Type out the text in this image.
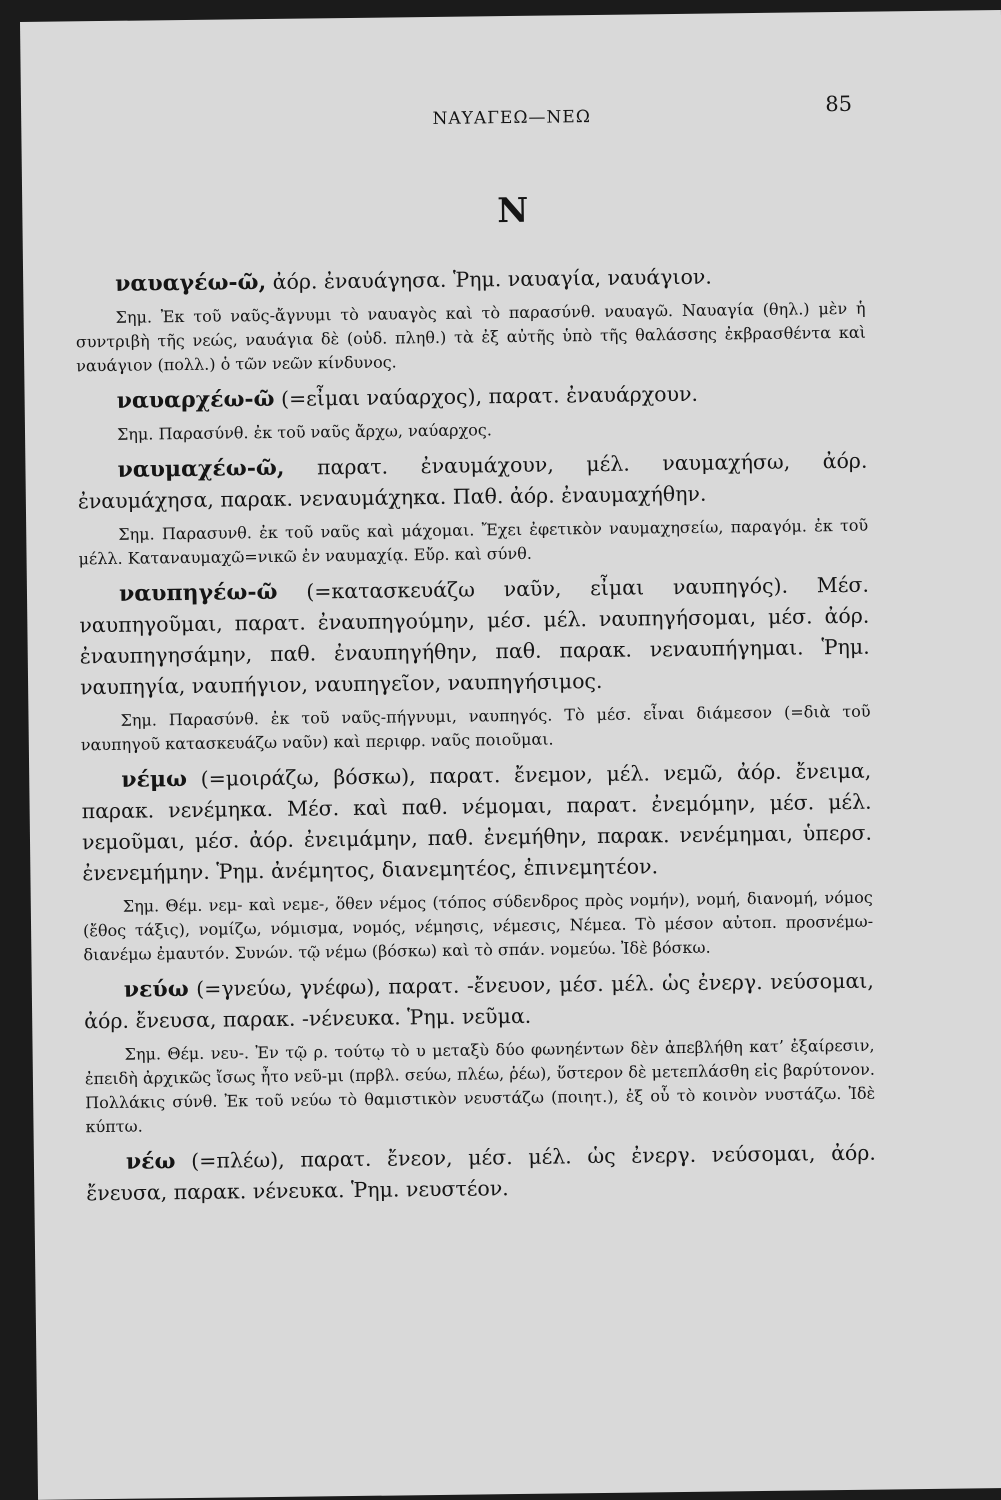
ΝΑΥΑΓΕΩ—ΝΕΩ
85
N
ναυαγέω-ῶ, ἀόρ. ἐναυάγησα. Ῥημ. ναυαγία, ναυάγιον.
Σημ. Ἐκ τοῦ ναῦς-ἄγνυμι τὸ ναυαγὸς καὶ τὸ παρασύνθ. ναυαγῶ. Ναυαγία (θηλ.) μὲν ἡ συντριβὴ τῆς νεώς, ναυάγια δὲ (οὐδ. πληθ.) τὰ ἐξ αὐτῆς ὑπὸ τῆς θαλάσσης ἐκβρασθέντα καὶ ναυάγιον (πολλ.) ὁ τῶν νεῶν κίνδυνος.
ναυαρχέω-ῶ (=εἶμαι ναύαρχος), παρατ. ἐναυάρχουν.
Σημ. Παρασύνθ. ἐκ τοῦ ναῦς ἄρχω, ναύαρχος.
ναυμαχέω-ῶ, παρατ. ἐναυμάχουν, μέλ. ναυμαχήσω, ἀόρ. ἐναυμάχησα, παρακ. νεναυμάχηκα. Παθ. ἀόρ. ἐναυμαχήθην.
Σημ. Παρασυνθ. ἐκ τοῦ ναῦς καὶ μάχομαι. Ἔχει ἐφετικὸν ναυμαχησείω, παραγόμ. ἐκ τοῦ μέλλ. Καταναυμαχῶ=νικῶ ἐν ναυμαχίᾳ. Εὔρ. καὶ σύνθ.
ναυπηγέω-ῶ (=κατασκευάζω ναῦν, εἶμαι ναυπηγός). Μέσ. ναυπηγοῦμαι, παρατ. ἐναυπηγούμην, μέσ. μέλ. ναυπηγήσομαι, μέσ. ἀόρ. ἐναυπηγησάμην, παθ. ἐναυπηγήθην, παθ. παρακ. νεναυπήγημαι. Ῥημ. ναυπηγία, ναυπήγιον, ναυπηγεῖον, ναυπηγήσιμος.
Σημ. Παρασύνθ. ἐκ τοῦ ναῦς-πήγνυμι, ναυπηγός. Τὸ μέσ. εἶναι διάμεσον (=διὰ τοῦ ναυπηγοῦ κατασκευάζω ναῦν) καὶ περιφρ. ναῦς ποιοῦμαι.
νέμω (=μοιράζω, βόσκω), παρατ. ἔνεμον, μέλ. νεμῶ, ἀόρ. ἔνειμα, παρακ. νενέμηκα. Μέσ. καὶ παθ. νέμομαι, παρατ. ἐνεμόμην, μέσ. μέλ. νεμοῦμαι, μέσ. ἀόρ. ἐνειμάμην, παθ. ἐνεμήθην, παρακ. νενέμημαι, ὑπερσ. ἐνενεμήμην. Ῥημ. ἀνέμητος, διανεμητέος, ἐπινεμητέον.
Σημ. Θέμ. νεμ- καὶ νεμε-, ὅθεν νέμος (τόπος σύδενδρος πρὸς νομήν), νομή, διανομή, νόμος (ἔθος τάξις), νομίζω, νόμισμα, νομός, νέμησις, νέμεσις, Νέμεα. Τὸ μέσον αὐτοπ. προσνέμω-διανέμω ἐμαυτόν. Συνών. τῷ νέμω (βόσκω) καὶ τὸ σπάν. νομεύω. Ἰδὲ βόσκω.
νεύω (=γνεύω, γνέφω), παρατ. -ἔνευον, μέσ. μέλ. ὡς ἐνεργ. νεύσομαι, ἀόρ. ἔνευσα, παρακ. -νένευκα. Ῥημ. νεῦμα.
Σημ. Θέμ. νευ-. Ἐν τῷ ρ. τούτῳ τὸ υ μεταξὺ δύο φωνηέντων δὲν ἀπεβλήθη κατ’ ἐξαίρεσιν, ἐπειδὴ ἀρχικῶς ἴσως ἦτο νεῦ-μι (πρβλ. σεύω, πλέω, ῥέω), ὕστερον δὲ μετεπλάσθη εἰς βαρύτονον. Πολλάκις σύνθ. Ἐκ τοῦ νεύω τὸ θαμιστικὸν νευστάζω (ποιητ.), ἐξ οὗ τὸ κοινὸν νυστάζω. Ἰδὲ κύπτω.
νέω (=πλέω), παρατ. ἔνεον, μέσ. μέλ. ὡς ἐνεργ. νεύσομαι, ἀόρ. ἔνευσα, παρακ. νένευκα. Ῥημ. νευστέον.
